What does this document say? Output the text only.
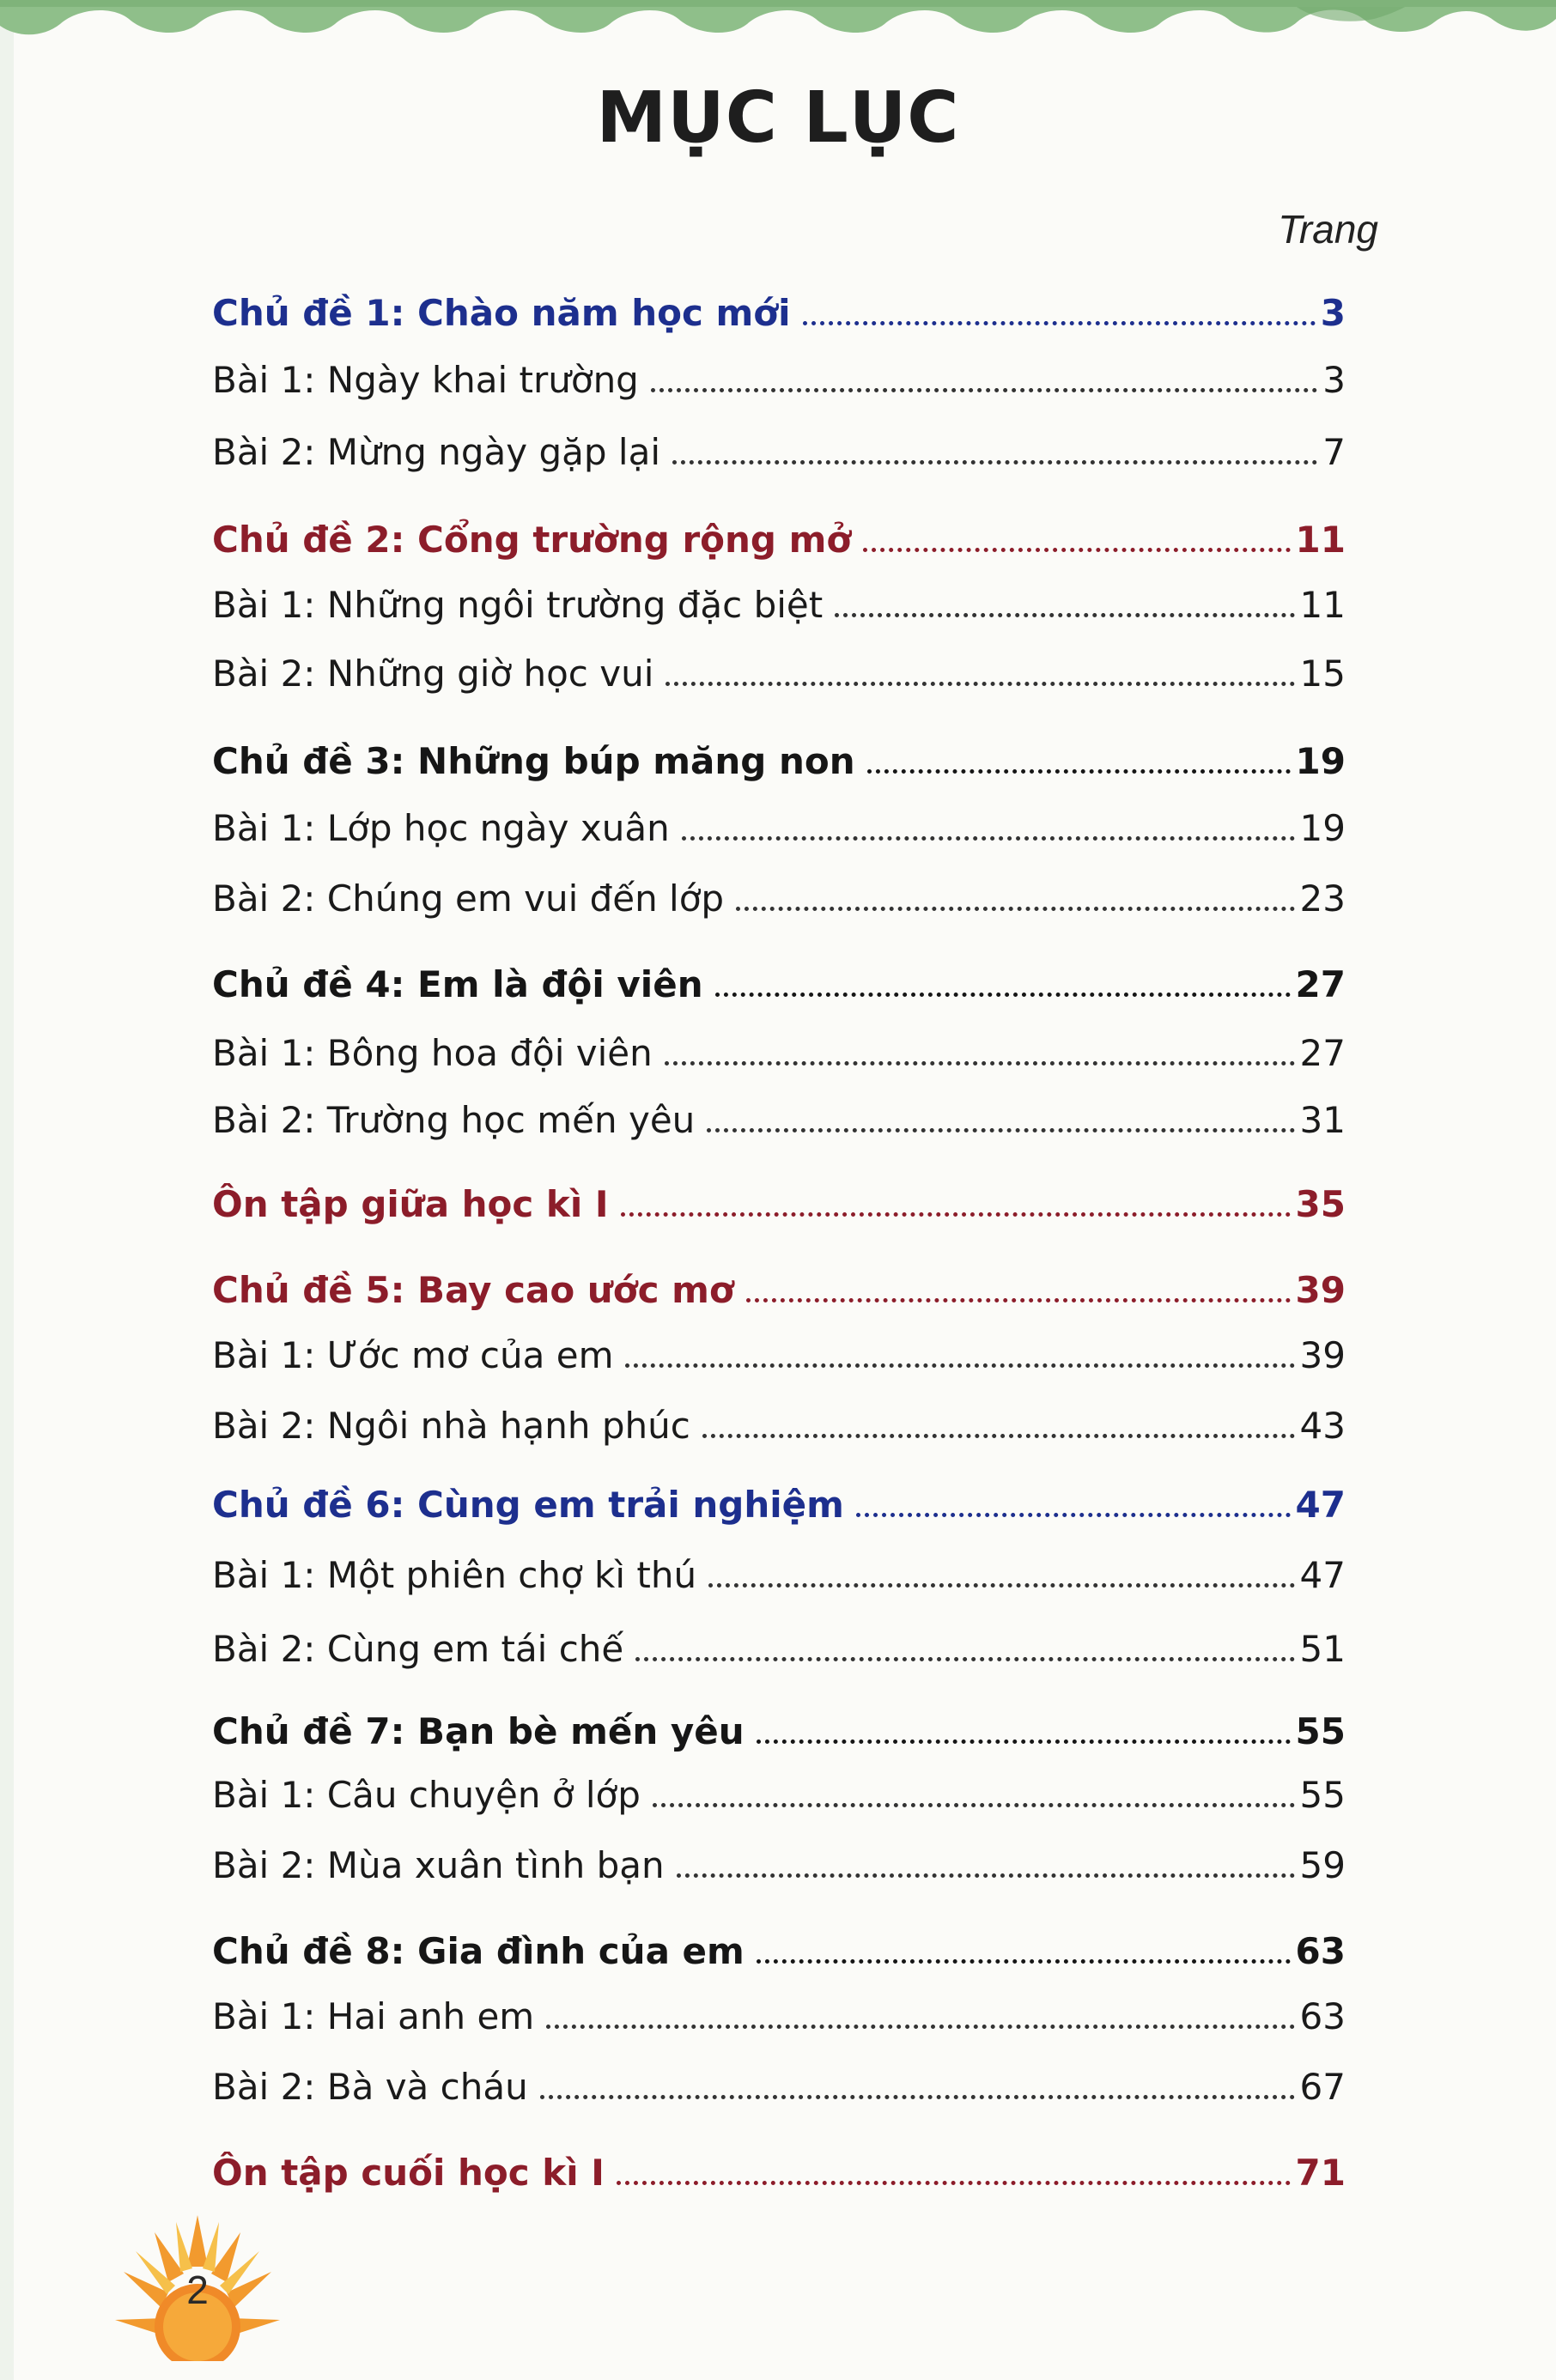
MỤC LỤC
Trang
Chủ đề 1: Chào năm học mới	3
Bài 1: Ngày khai trường	3
Bài 2: Mừng ngày gặp lại	7
Chủ đề 2: Cổng trường rộng mở	11
Bài 1: Những ngôi trường đặc biệt	11
Bài 2: Những giờ học vui	15
Chủ đề 3: Những búp măng non	19
Bài 1: Lớp học ngày xuân	19
Bài 2: Chúng em vui đến lớp	23
Chủ đề 4: Em là đội viên	27
Bài 1: Bông hoa đội viên	27
Bài 2: Trường học mến yêu	31
Ôn tập giữa học kì I	35
Chủ đề 5: Bay cao ước mơ	39
Bài 1: Ước mơ của em	39
Bài 2: Ngôi nhà hạnh phúc	43
Chủ đề 6: Cùng em trải nghiệm	47
Bài 1: Một phiên chợ kì thú	47
Bài 2: Cùng em tái chế	51
Chủ đề 7: Bạn bè mến yêu	55
Bài 1: Câu chuyện ở lớp	55
Bài 2: Mùa xuân tình bạn	59
Chủ đề 8: Gia đình của em	63
Bài 1: Hai anh em	63
Bài 2: Bà và cháu	67
Ôn tập cuối học kì I	71
2
